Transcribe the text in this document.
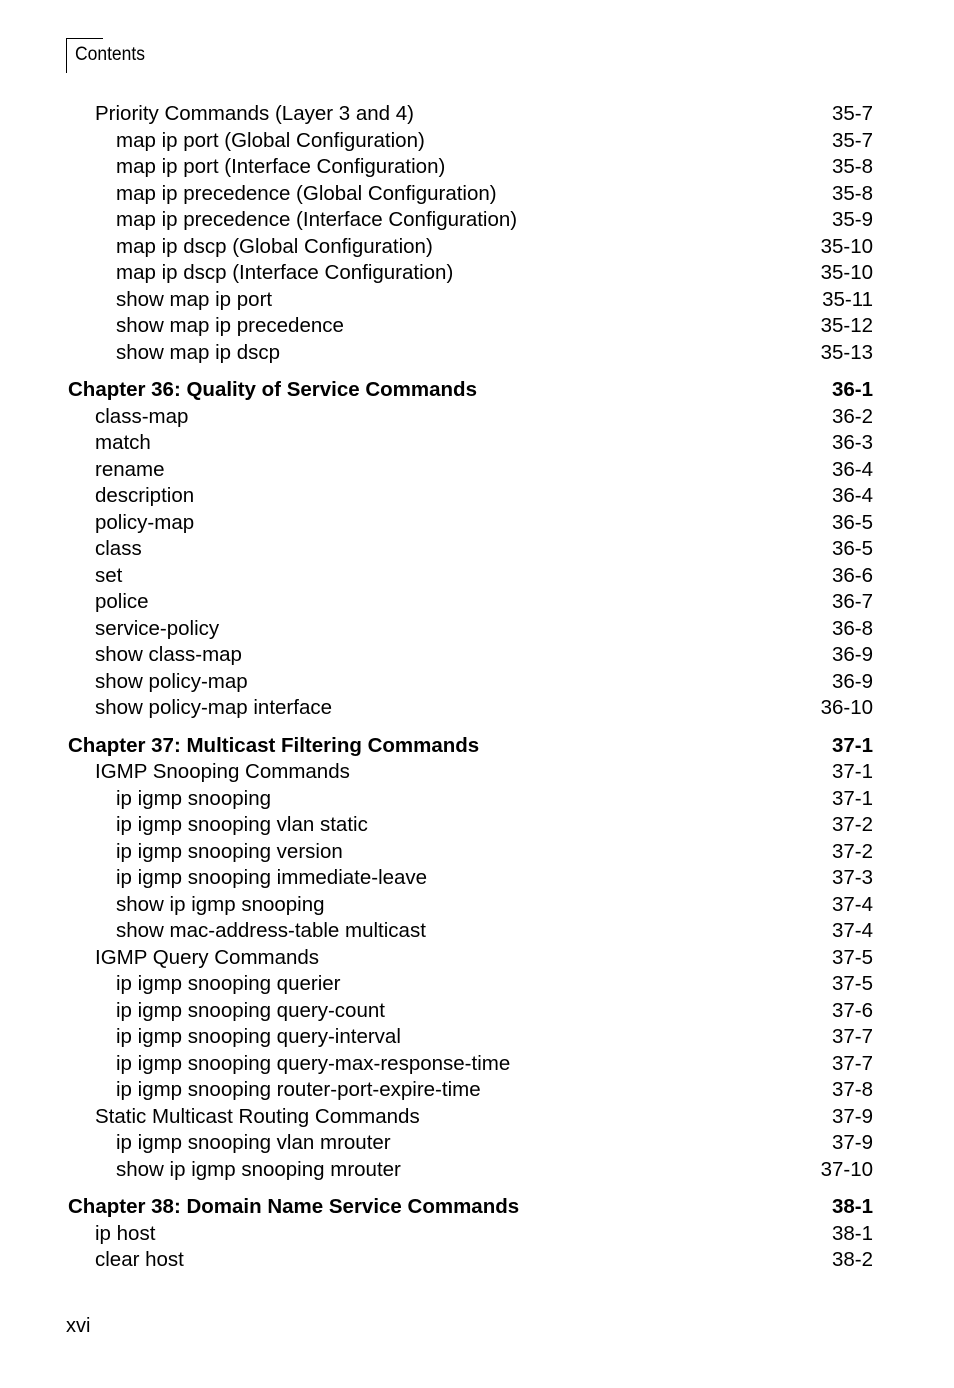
Contents
Priority Commands (Layer 3 and 4)	35-7
map ip port (Global Configuration)	35-7
map ip port (Interface Configuration)	35-8
map ip precedence (Global Configuration)	35-8
map ip precedence (Interface Configuration)	35-9
map ip dscp (Global Configuration)	35-10
map ip dscp (Interface Configuration)	35-10
show map ip port	35-11
show map ip precedence	35-12
show map ip dscp	35-13
Chapter 36: Quality of Service Commands	36-1
class-map	36-2
match	36-3
rename	36-4
description	36-4
policy-map	36-5
class	36-5
set	36-6
police	36-7
service-policy	36-8
show class-map	36-9
show policy-map	36-9
show policy-map interface	36-10
Chapter 37: Multicast Filtering Commands	37-1
IGMP Snooping Commands	37-1
ip igmp snooping	37-1
ip igmp snooping vlan static	37-2
ip igmp snooping version	37-2
ip igmp snooping immediate-leave	37-3
show ip igmp snooping	37-4
show mac-address-table multicast	37-4
IGMP Query Commands	37-5
ip igmp snooping querier	37-5
ip igmp snooping query-count	37-6
ip igmp snooping query-interval	37-7
ip igmp snooping query-max-response-time	37-7
ip igmp snooping router-port-expire-time	37-8
Static Multicast Routing Commands	37-9
ip igmp snooping vlan mrouter	37-9
show ip igmp snooping mrouter	37-10
Chapter 38: Domain Name Service Commands	38-1
ip host	38-1
clear host	38-2
xvi
